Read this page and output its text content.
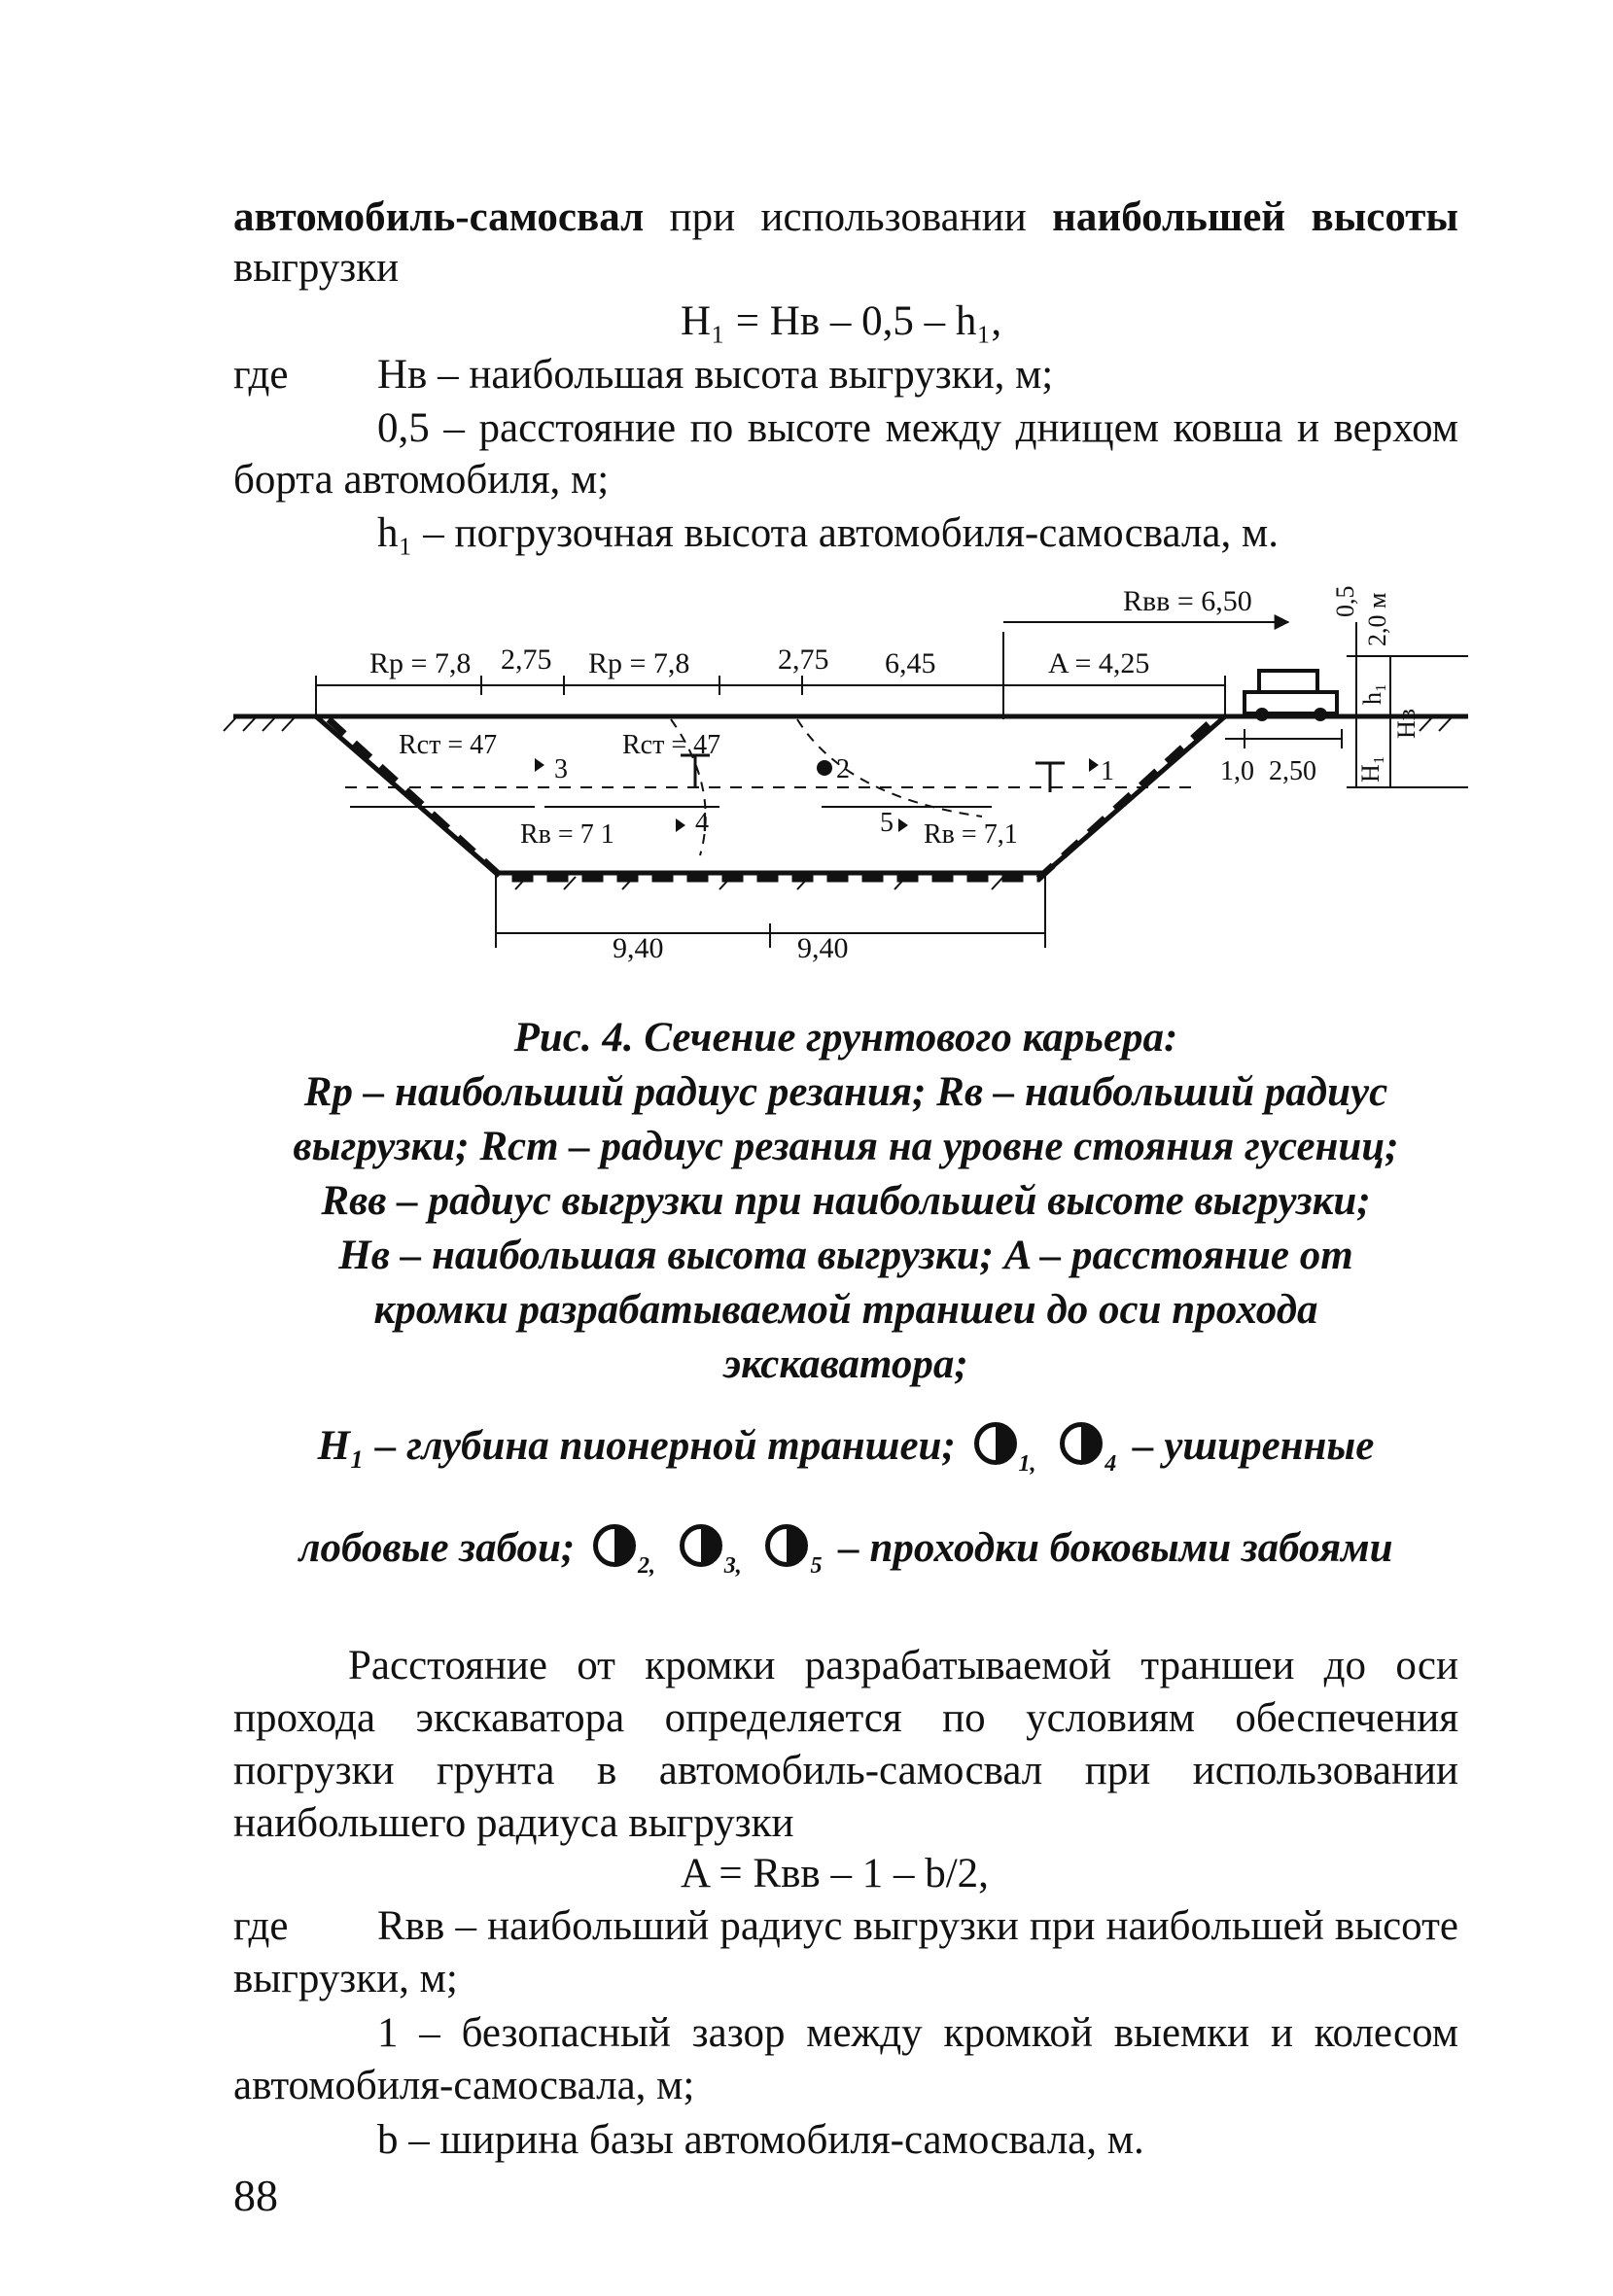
автомобиль-самосвал при использовании наибольшей высоты
выгрузки
H₁ = Hв – 0,5 – h₁,
где Hв – наибольшая высота выгрузки, м;
0,5 – расстояние по высоте между днищем ковша и верхом
борта автомобиля, м;
h₁ – погрузочная высота автомобиля-самосвала, м.
Rр = 7,8 2,75 Rр = 7,8	2,75 6,45	A = 4,25
Rвв = 6,50
Rст = 47	Rст = 47
Rв = 7 1	Rв = 7,1
1
2
3
4	5
1,0 2,50
9,40	9,40
0,5 2,0 м
h₁
Hв
H₁
Рис. 4. Сечение грунтового карьера:
Rр – наибольший радиус резания; Rв – наибольший радиус
выгрузки; Rст – радиус резания на уровне стояния гусениц;
Rвв – радиус выгрузки при наибольшей высоте выгрузки;
Hв – наибольшая высота выгрузки; A – расстояние от
кромки разрабатываемой траншеи до оси прохода
экскаватора;
H₁ – глубина пионерной траншеи;	$_{1,}$	$_4$ – уширенные
лобовые забои;	$_{2,}$	$_{3,}$	$_5$ – проходки боковыми забоями
Расстояние от кромки разрабатываемой траншеи до оси
прохода экскаватора определяется по условиям обеспечения
погрузки грунта в автомобиль-самосвал при использовании
наибольшего радиуса выгрузки
A = Rвв – 1 – b/2,
где Rвв – наибольший радиус выгрузки при наибольшей высоте
выгрузки, м;
1 – безопасный зазор между кромкой выемки и колесом
автомобиля-самосвала, м;
b – ширина базы автомобиля-самосвала, м.
88
